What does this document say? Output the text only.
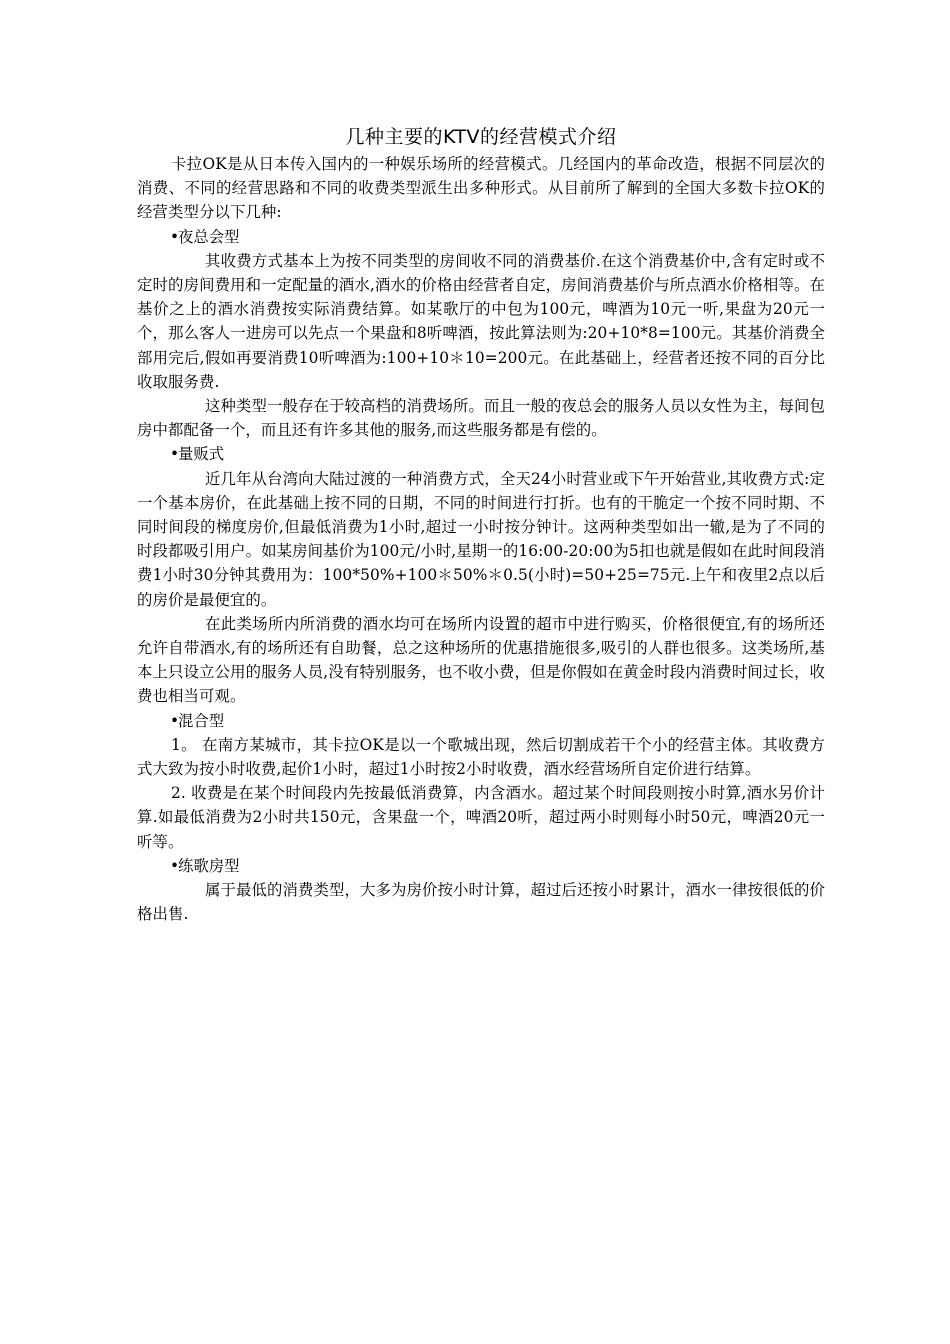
几种主要的KTV的经营模式介绍

卡拉OK是从日本传入国内的一种娱乐场所的经营模式。几经国内的革命改造，根据不同层次的消费、不同的经营思路和不同的收费类型派生出多种形式。从目前所了解到的全国大多数卡拉OK的经营类型分以下几种:

•夜总会型

其收费方式基本上为按不同类型的房间收不同的消费基价.在这个消费基价中,含有定时或不定时的房间费用和一定配量的酒水,酒水的价格由经营者自定，房间消费基价与所点酒水价格相等。在基价之上的酒水消费按实际消费结算。如某歌厅的中包为100元，啤酒为10元一听,果盘为20元一个，那么客人一进房可以先点一个果盘和8听啤酒，按此算法则为:20+10*8=100元。其基价消费全部用完后,假如再要消费10听啤酒为:100+10＊10=200元。在此基础上，经营者还按不同的百分比收取服务费.

这种类型一般存在于较高档的消费场所。而且一般的夜总会的服务人员以女性为主，每间包房中都配备一个，而且还有许多其他的服务,而这些服务都是有偿的。

•量贩式

近几年从台湾向大陆过渡的一种消费方式，全天24小时营业或下午开始营业,其收费方式:定一个基本房价，在此基础上按不同的日期，不同的时间进行打折。也有的干脆定一个按不同时期、不同时间段的梯度房价,但最低消费为1小时,超过一小时按分钟计。这两种类型如出一辙,是为了不同的时段都吸引用户。如某房间基价为100元/小时,星期一的16:00-20:00为5扣也就是假如在此时间段消费1小时30分钟其费用为：100*50%+100＊50%＊0.5(小时)=50+25=75元.上午和夜里2点以后的房价是最便宜的。

在此类场所内所消费的酒水均可在场所内设置的超市中进行购买，价格很便宜,有的场所还允许自带酒水,有的场所还有自助餐，总之这种场所的优惠措施很多,吸引的人群也很多。这类场所,基本上只设立公用的服务人员,没有特别服务，也不收小费，但是你假如在黄金时段内消费时间过长，收费也相当可观。

•混合型

1。 在南方某城市，其卡拉OK是以一个歌城出现，然后切割成若干个小的经营主体。其收费方式大致为按小时收费,起价1小时，超过1小时按2小时收费，酒水经营场所自定价进行结算。

2. 收费是在某个时间段内先按最低消费算，内含酒水。超过某个时间段则按小时算,酒水另价计算.如最低消费为2小时共150元，含果盘一个，啤酒20听，超过两小时则每小时50元，啤酒20元一听等。

•练歌房型

属于最低的消费类型，大多为房价按小时计算，超过后还按小时累计，酒水一律按很低的价格出售.
